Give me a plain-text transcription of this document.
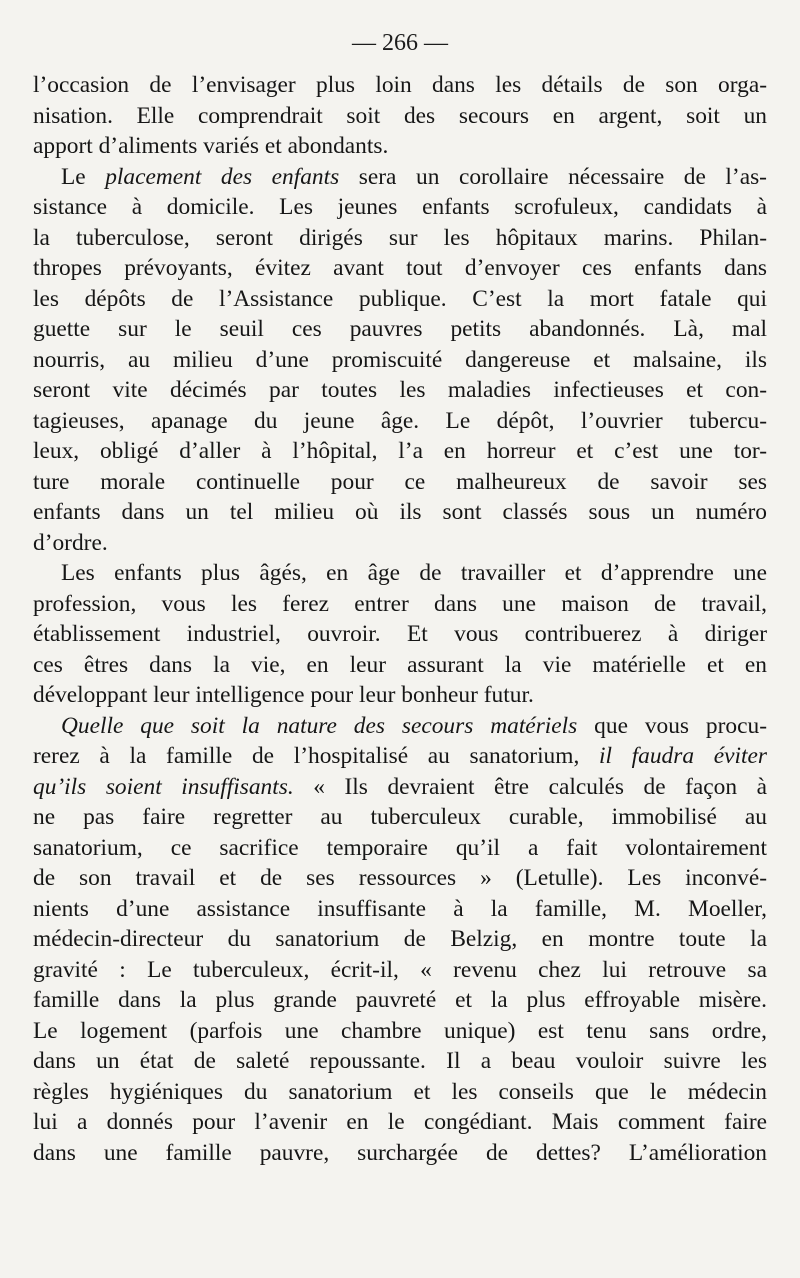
— 266 —

l’occasion de l’envisager plus loin dans les détails de son orga-

nisation. Elle comprendrait soit des secours en argent, soit un

apport d’aliments variés et abondants.

Le placement des enfants sera un corollaire nécessaire de l’as-

sistance à domicile. Les jeunes enfants scrofuleux, candidats à

la tuberculose, seront dirigés sur les hôpitaux marins. Philan-

thropes prévoyants, évitez avant tout d’envoyer ces enfants dans

les dépôts de l’Assistance publique. C’est la mort fatale qui

guette sur le seuil ces pauvres petits abandonnés. Là, mal

nourris, au milieu d’une promiscuité dangereuse et malsaine, ils

seront vite décimés par toutes les maladies infectieuses et con-

tagieuses, apanage du jeune âge. Le dépôt, l’ouvrier tubercu-

leux, obligé d’aller à l’hôpital, l’a en horreur et c’est une tor-

ture morale continuelle pour ce malheureux de savoir ses

enfants dans un tel milieu où ils sont classés sous un numéro

d’ordre.

Les enfants plus âgés, en âge de travailler et d’apprendre une

profession, vous les ferez entrer dans une maison de travail,

établissement industriel, ouvroir. Et vous contribuerez à diriger

ces êtres dans la vie, en leur assurant la vie matérielle et en

développant leur intelligence pour leur bonheur futur.

Quelle que soit la nature des secours matériels que vous procu-

rerez à la famille de l’hospitalisé au sanatorium, il faudra éviter

qu’ils soient insuffisants. « Ils devraient être calculés de façon à

ne pas faire regretter au tuberculeux curable, immobilisé au

sanatorium, ce sacrifice temporaire qu’il a fait volontairement

de son travail et de ses ressources » (Letulle). Les inconvé-

nients d’une assistance insuffisante à la famille, M. Moeller,

médecin-directeur du sanatorium de Belzig, en montre toute la

gravité : Le tuberculeux, écrit-il, « revenu chez lui retrouve sa

famille dans la plus grande pauvreté et la plus effroyable misère.

Le logement (parfois une chambre unique) est tenu sans ordre,

dans un état de saleté repoussante. Il a beau vouloir suivre les

règles hygiéniques du sanatorium et les conseils que le médecin

lui a donnés pour l’avenir en le congédiant. Mais comment faire

dans une famille pauvre, surchargée de dettes? L’amélioration
